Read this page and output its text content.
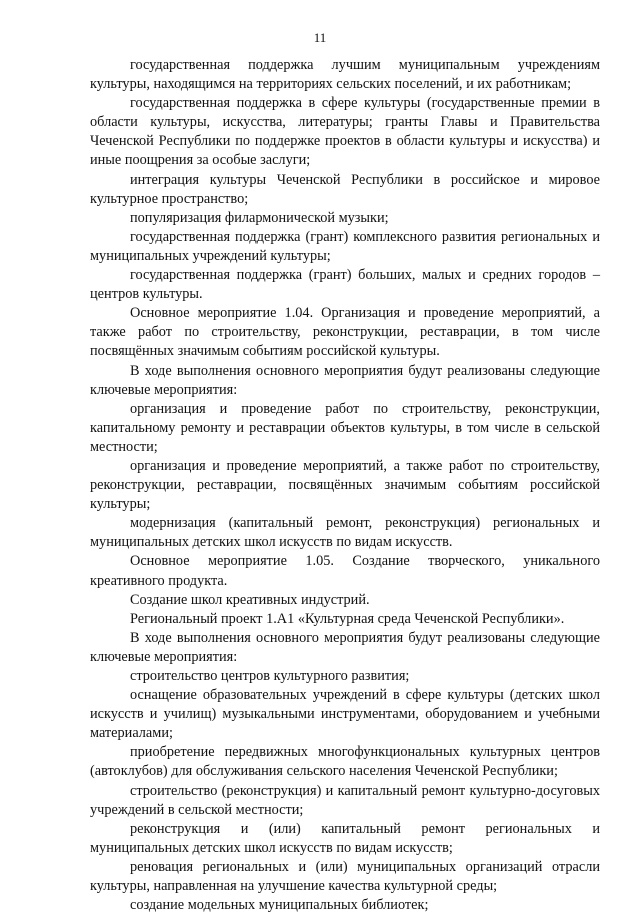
11

государственная поддержка лучшим муниципальным учреждениям культуры, находящимся на территориях сельских поселений, и их работникам;

государственная поддержка в сфере культуры (государственные премии в области культуры, искусства, литературы; гранты Главы и Правительства Чеченской Республики по поддержке проектов в области культуры и искусства) и иные поощрения за особые заслуги;

интеграция культуры Чеченской Республики в российское и мировое культурное пространство;

популяризация филармонической музыки;

государственная поддержка (грант) комплексного развития региональных и муниципальных учреждений культуры;

государственная поддержка (грант) больших, малых и средних городов – центров культуры.

Основное мероприятие 1.04. Организация и проведение мероприятий, а также работ по строительству, реконструкции, реставрации, в том числе посвящённых значимым событиям российской культуры.

В ходе выполнения основного мероприятия будут реализованы следующие ключевые мероприятия:

организация и проведение работ по строительству, реконструкции, капитальному ремонту и реставрации объектов культуры, в том числе в сельской местности;

организация и проведение мероприятий, а также работ по строительству, реконструкции, реставрации, посвящённых значимым событиям российской культуры;

модернизация (капитальный ремонт, реконструкция) региональных и муниципальных детских школ искусств по видам искусств.

Основное мероприятие 1.05. Создание творческого, уникального креативного продукта.

Создание школ креативных индустрий.

Региональный проект 1.А1 «Культурная среда Чеченской Республики».

В ходе выполнения основного мероприятия будут реализованы следующие ключевые мероприятия:

строительство центров культурного развития;

оснащение образовательных учреждений в сфере культуры (детских школ искусств и училищ) музыкальными инструментами, оборудованием и учебными материалами;

приобретение передвижных многофункциональных культурных центров (автоклубов) для обслуживания сельского населения Чеченской Республики;

строительство (реконструкция) и капитальный ремонт культурно-досуговых учреждений в сельской местности;

реконструкция и (или) капитальный ремонт региональных и муниципальных детских школ искусств по видам искусств;

реновация региональных и (или) муниципальных организаций отрасли культуры, направленная на улучшение качества культурной среды;

создание модельных муниципальных библиотек;
